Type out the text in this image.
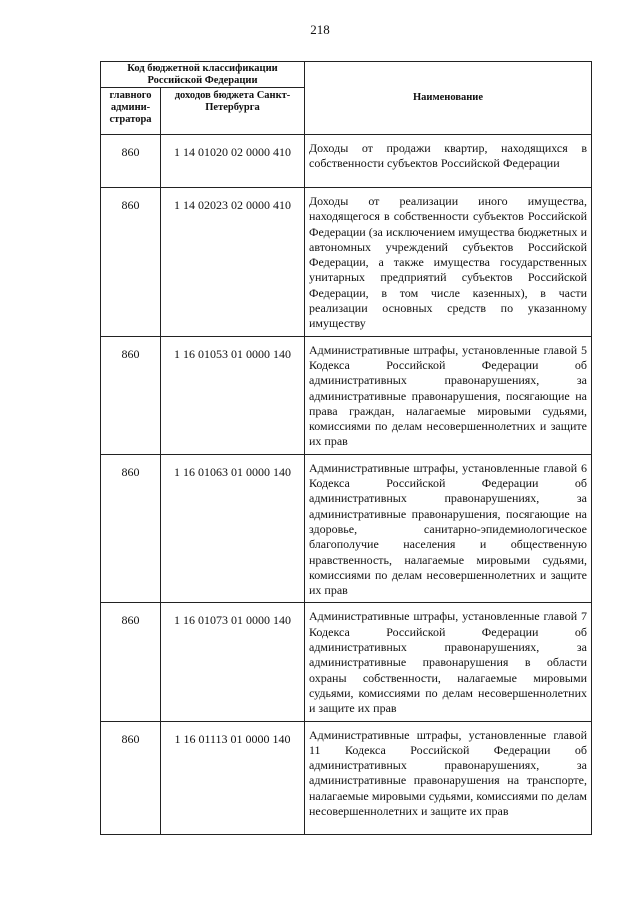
218
Код бюджетной классификации Российской Федерации		Наименование
главного админи-стратора	доходов бюджета Санкт-Петербурга	
860	1 14 01020 02 0000 410	Доходы от продажи квартир, находящихся в собственности субъектов Российской Федерации

860	1 14 02023 02 0000 410	Доходы от реализации иного имущества, находящегося в собственности субъектов Российской Федерации (за исключением имущества бюджетных и автономных учреждений субъектов Российской Федерации, а также имущества государственных унитарных предприятий субъектов Российской Федерации, в том числе казенных), в части реализации основных средств по указанному имуществу

860	1 16 01053 01 0000 140	Административные штрафы, установленные главой 5 Кодекса Российской Федерации об административных правонарушениях, за административные правонарушения, посягающие на права граждан, налагаемые мировыми судьями, комиссиями по делам несовершеннолетних и защите их прав

860	1 16 01063 01 0000 140	Административные штрафы, установленные главой 6 Кодекса Российской Федерации об административных правонарушениях, за административные правонарушения, посягающие на здоровье, санитарно-эпидемиологическое благополучие населения и общественную нравственность, налагаемые мировыми судьями, комиссиями по делам несовершеннолетних и защите их прав

860	1 16 01073 01 0000 140	Административные штрафы, установленные главой 7 Кодекса Российской Федерации об административных правонарушениях, за административные правонарушения в области охраны собственности, налагаемые мировыми судьями, комиссиями по делам несовершеннолетних и защите их прав

860	1 16 01113 01 0000 140	Административные штрафы, установленные главой 11 Кодекса Российской Федерации об административных правонарушениях, за административные правонарушения на транспорте, налагаемые мировыми судьями, комиссиями по делам несовершеннолетних и защите их прав
